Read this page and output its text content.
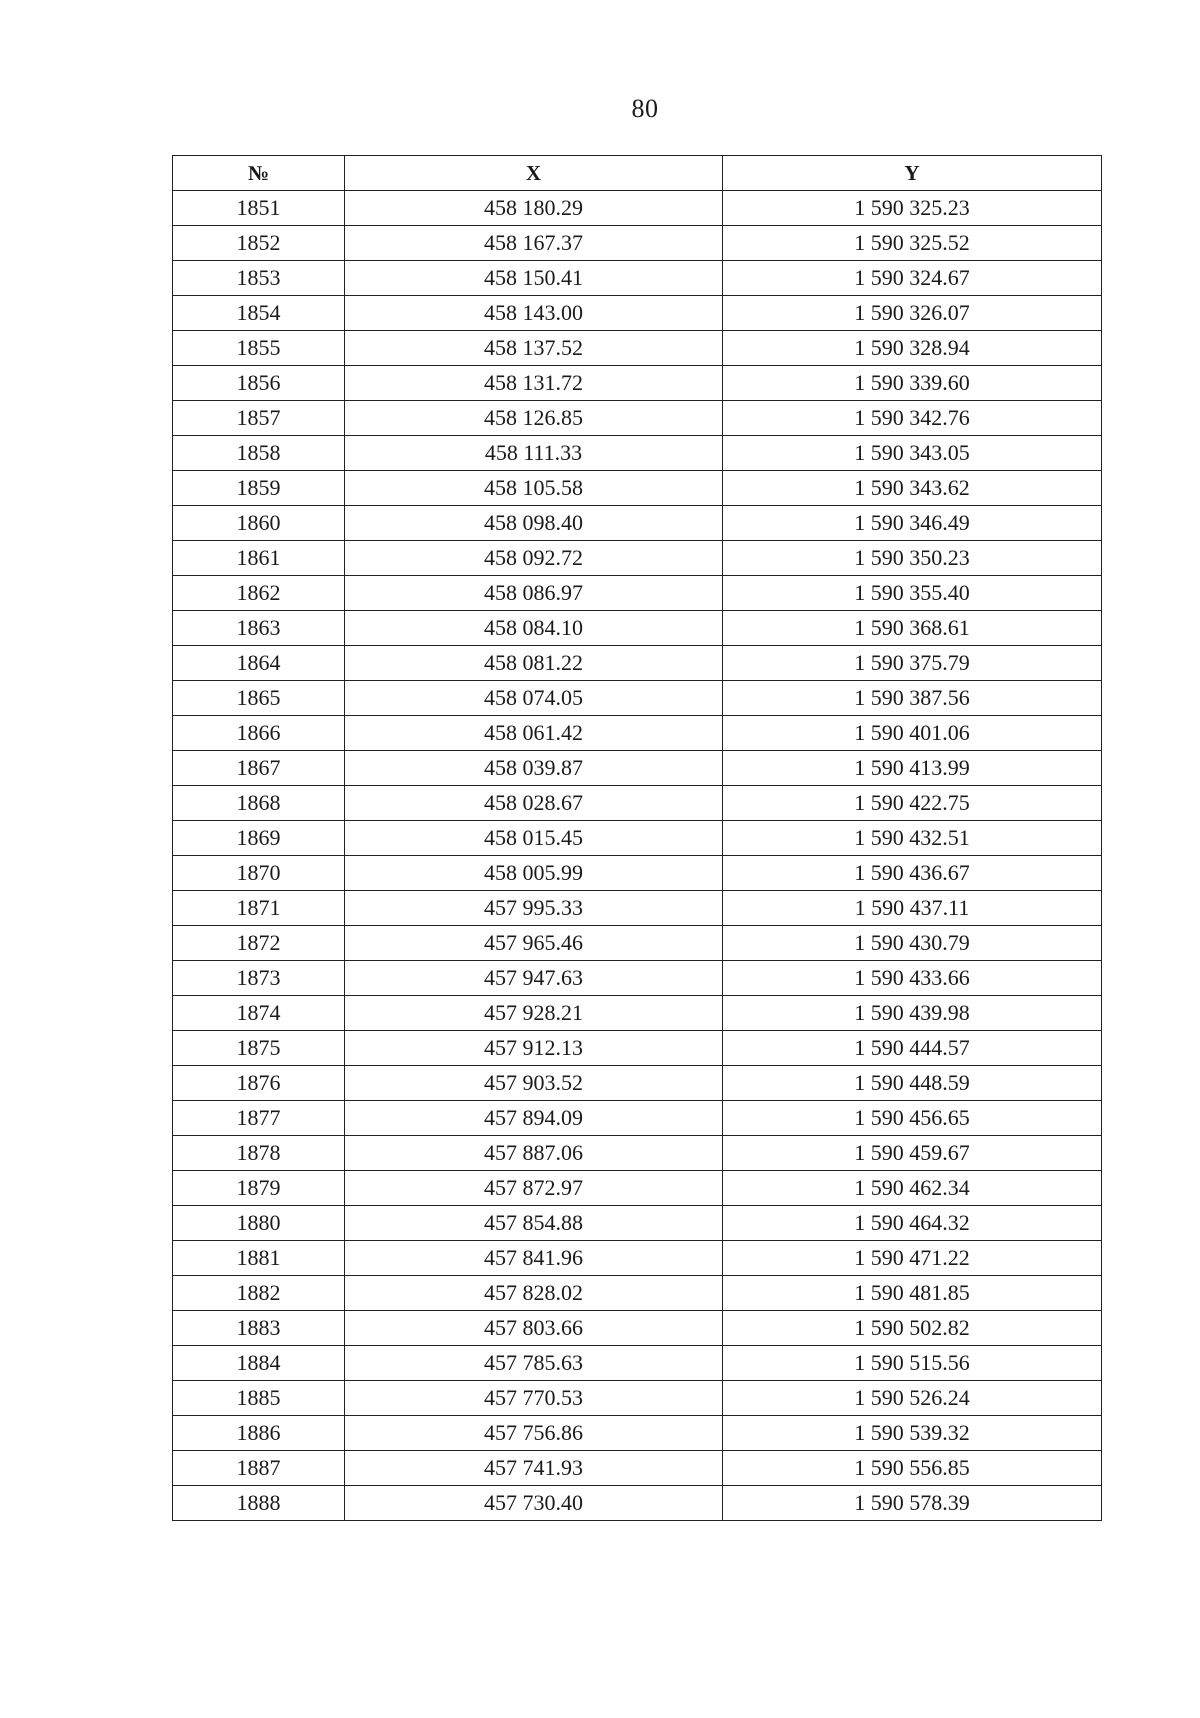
80
№	X	Y
1851	458 180.29	1 590 325.23
1852	458 167.37	1 590 325.52
1853	458 150.41	1 590 324.67
1854	458 143.00	1 590 326.07
1855	458 137.52	1 590 328.94
1856	458 131.72	1 590 339.60
1857	458 126.85	1 590 342.76
1858	458 111.33	1 590 343.05
1859	458 105.58	1 590 343.62
1860	458 098.40	1 590 346.49
1861	458 092.72	1 590 350.23
1862	458 086.97	1 590 355.40
1863	458 084.10	1 590 368.61
1864	458 081.22	1 590 375.79
1865	458 074.05	1 590 387.56
1866	458 061.42	1 590 401.06
1867	458 039.87	1 590 413.99
1868	458 028.67	1 590 422.75
1869	458 015.45	1 590 432.51
1870	458 005.99	1 590 436.67
1871	457 995.33	1 590 437.11
1872	457 965.46	1 590 430.79
1873	457 947.63	1 590 433.66
1874	457 928.21	1 590 439.98
1875	457 912.13	1 590 444.57
1876	457 903.52	1 590 448.59
1877	457 894.09	1 590 456.65
1878	457 887.06	1 590 459.67
1879	457 872.97	1 590 462.34
1880	457 854.88	1 590 464.32
1881	457 841.96	1 590 471.22
1882	457 828.02	1 590 481.85
1883	457 803.66	1 590 502.82
1884	457 785.63	1 590 515.56
1885	457 770.53	1 590 526.24
1886	457 756.86	1 590 539.32
1887	457 741.93	1 590 556.85
1888	457 730.40	1 590 578.39
